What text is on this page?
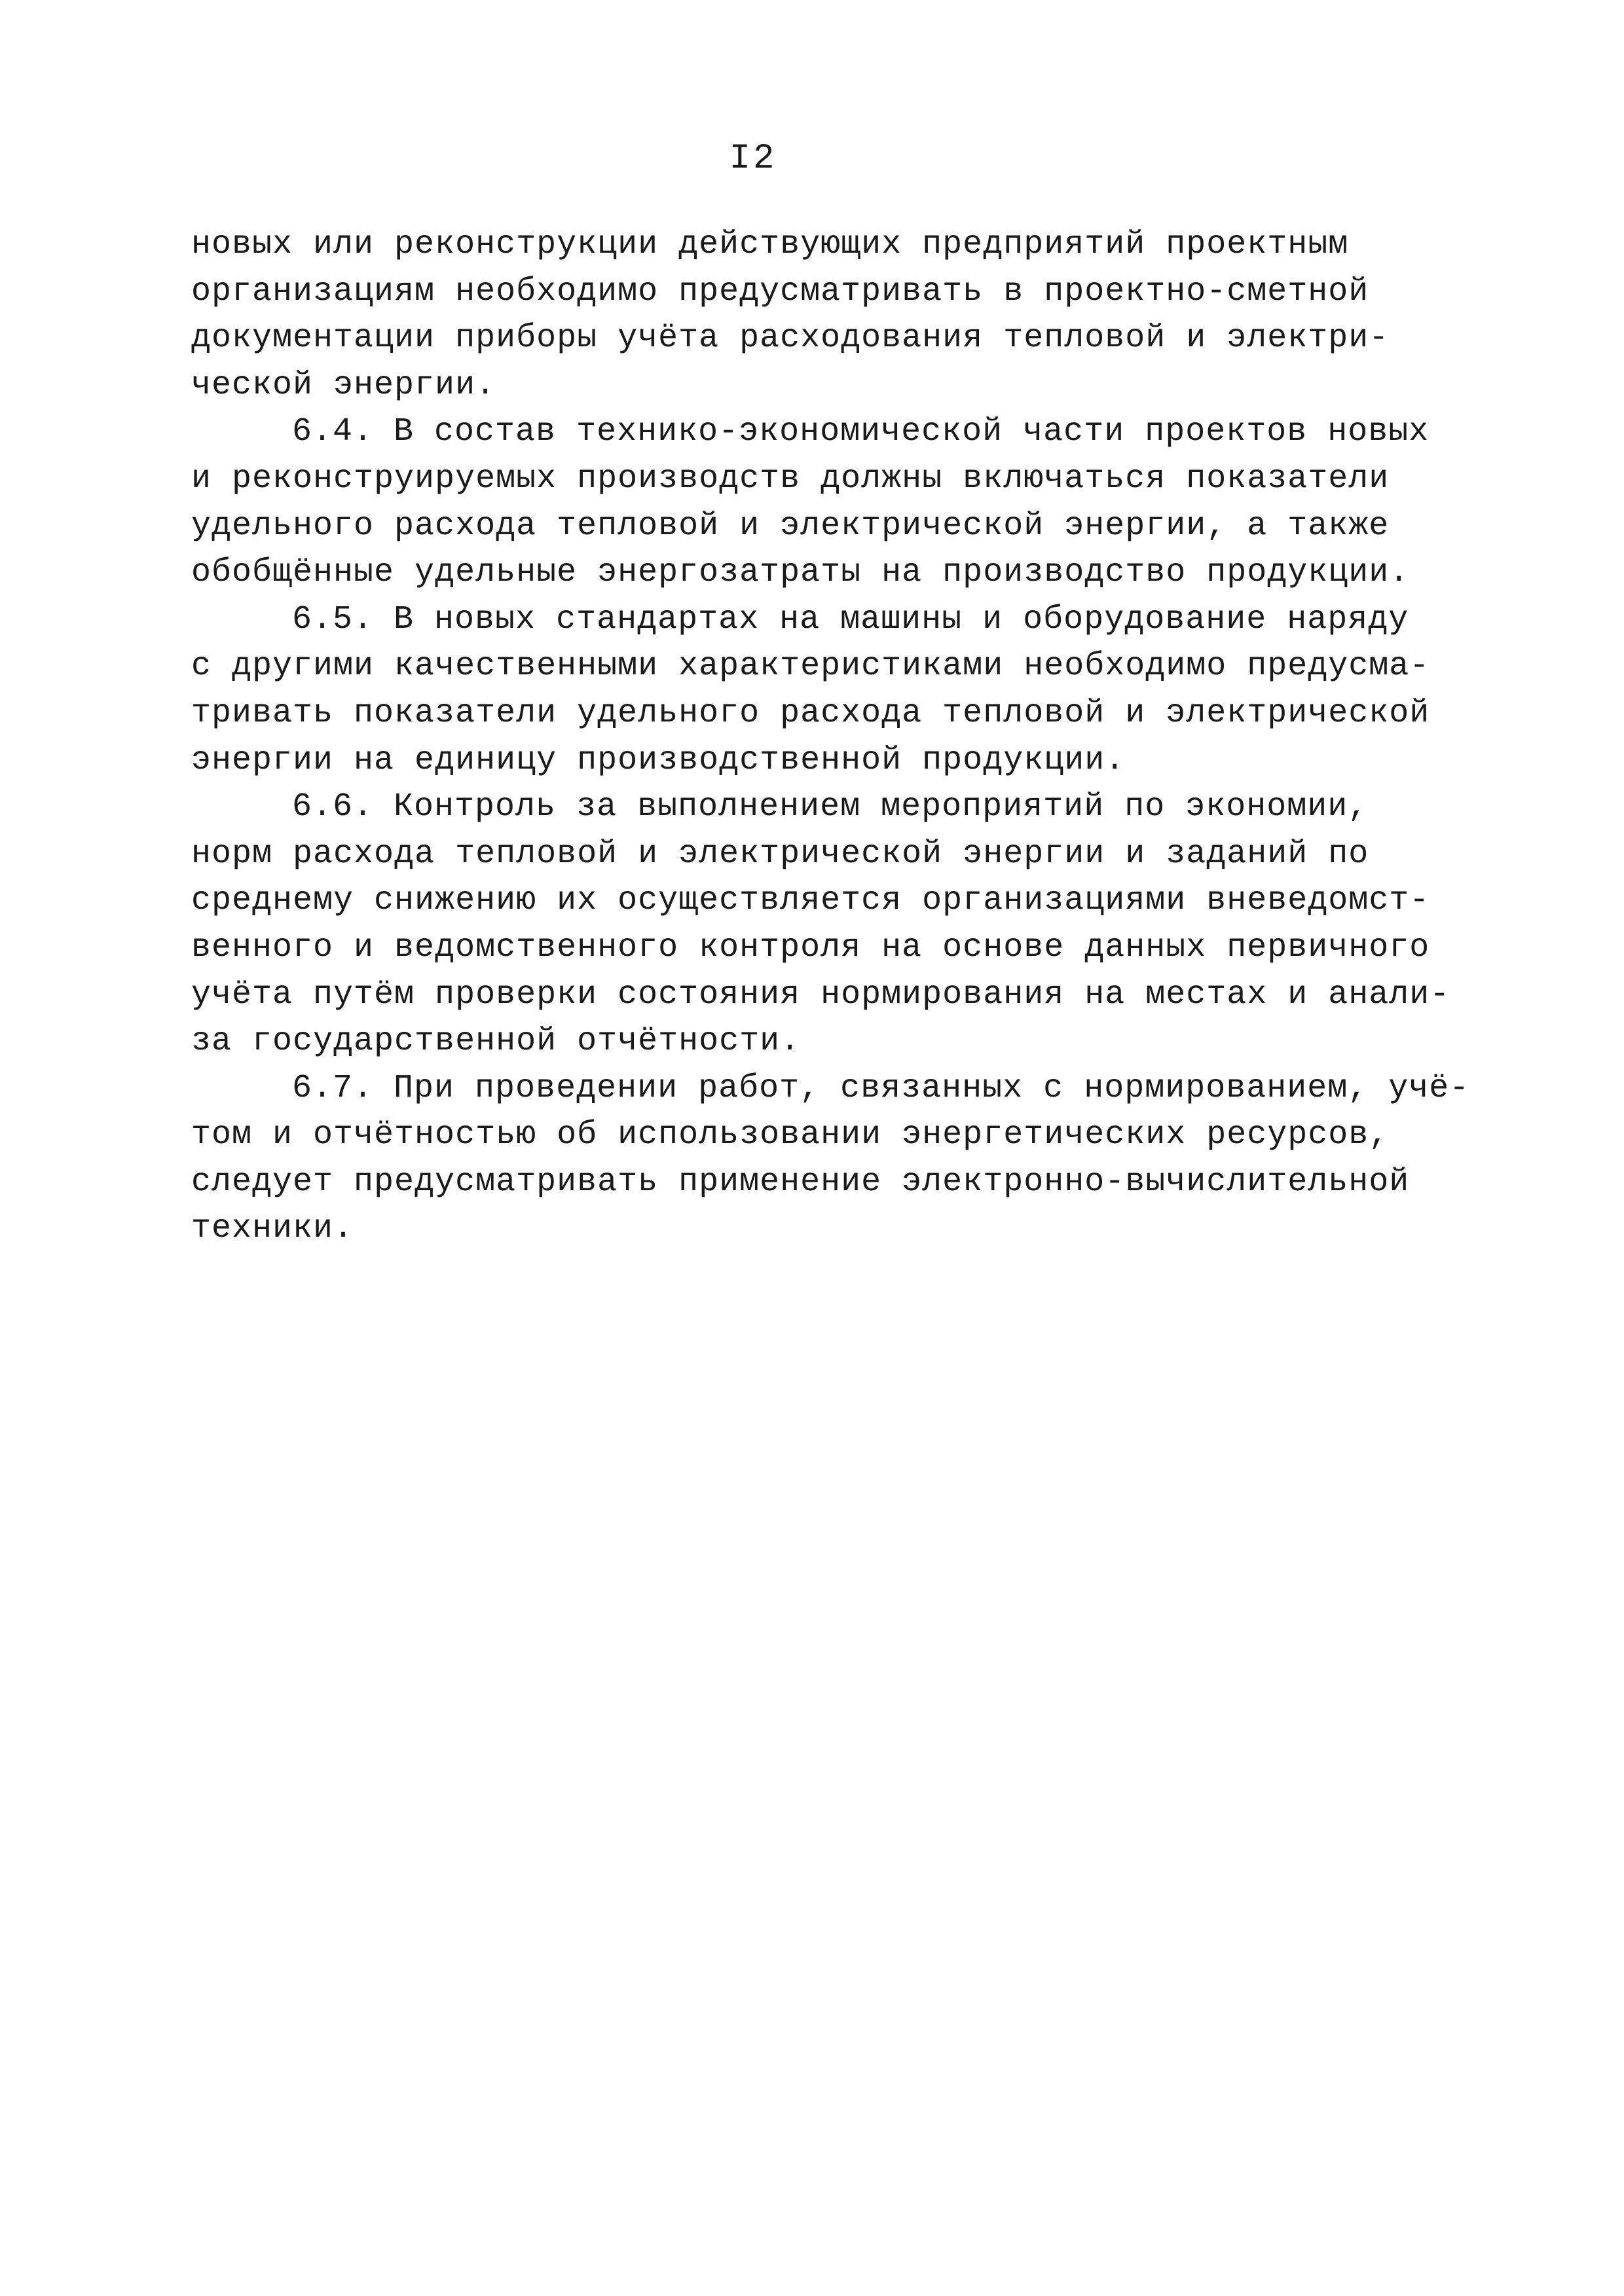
I2
новых или реконструкции действующих предприятий проектным
организациям необходимо предусматривать в проектно-сметной
документации приборы учёта расходования тепловой и электри-
ческой энергии.
6.4. В состав технико-экономической части проектов новых
и реконструируемых производств должны включаться показатели
удельного расхода тепловой и электрической энергии, а также
обобщённые удельные энергозатраты на производство продукции.
6.5. В новых стандартах на машины и оборудование наряду
с другими качественными характеристиками необходимо предусма-
тривать показатели удельного расхода тепловой и электрической
энергии на единицу производственной продукции.
6.6. Контроль за выполнением мероприятий по экономии,
норм расхода тепловой и электрической энергии и заданий по
среднему снижению их осуществляется организациями вневедомст-
венного и ведомственного контроля на основе данных первичного
учёта путём проверки состояния нормирования на местах и анали-
за государственной отчётности.
6.7. При проведении работ, связанных с нормированием, учё-
том и отчётностью об использовании энергетических ресурсов,
следует предусматривать применение электронно-вычислительной
техники.
